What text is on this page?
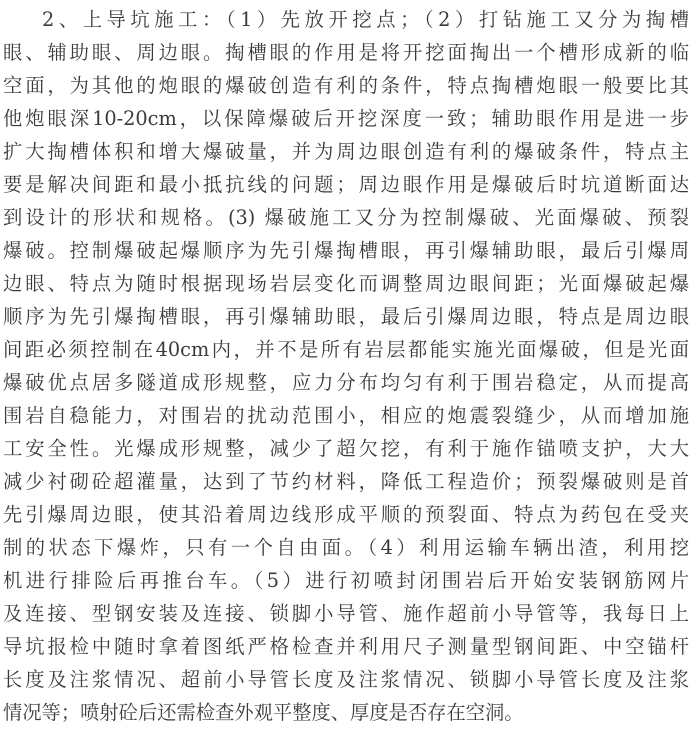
2、上导坑施工：（1）先放开挖点；（2）打钻施工又分为掏槽
眼、辅助眼、周边眼。掏槽眼的作用是将开挖面掏出一个槽形成新的临
空面，为其他的炮眼的爆破创造有利的条件，特点掏槽炮眼一般要比其
他炮眼深10-20cm，以保障爆破后开挖深度一致；辅助眼作用是进一步
扩大掏槽体积和增大爆破量，并为周边眼创造有利的爆破条件，特点主
要是解决间距和最小抵抗线的问题；周边眼作用是爆破后时坑道断面达
到设计的形状和规格。(3) 爆破施工又分为控制爆破、光面爆破、预裂
爆破。控制爆破起爆顺序为先引爆掏槽眼，再引爆辅助眼，最后引爆周
边眼、特点为随时根据现场岩层变化而调整周边眼间距；光面爆破起爆
顺序为先引爆掏槽眼，再引爆辅助眼，最后引爆周边眼，特点是周边眼
间距必须控制在40cm内，并不是所有岩层都能实施光面爆破，但是光面
爆破优点居多隧道成形规整，应力分布均匀有利于围岩稳定，从而提高
围岩自稳能力，对围岩的扰动范围小，相应的炮震裂缝少，从而增加施
工安全性。光爆成形规整，减少了超欠挖，有利于施作锚喷支护，大大
减少衬砌砼超灌量，达到了节约材料，降低工程造价；预裂爆破则是首
先引爆周边眼，使其沿着周边线形成平顺的预裂面、特点为药包在受夹
制的状态下爆炸，只有一个自由面。（4）利用运输车辆出渣，利用挖
机进行排险后再推台车。（5）进行初喷封闭围岩后开始安装钢筋网片
及连接、型钢安装及连接、锁脚小导管、施作超前小导管等，我每日上
导坑报检中随时拿着图纸严格检查并利用尺子测量型钢间距、中空锚杆
长度及注浆情况、超前小导管长度及注浆情况、锁脚小导管长度及注浆
情况等；喷射砼后还需检查外观平整度、厚度是否存在空洞。
